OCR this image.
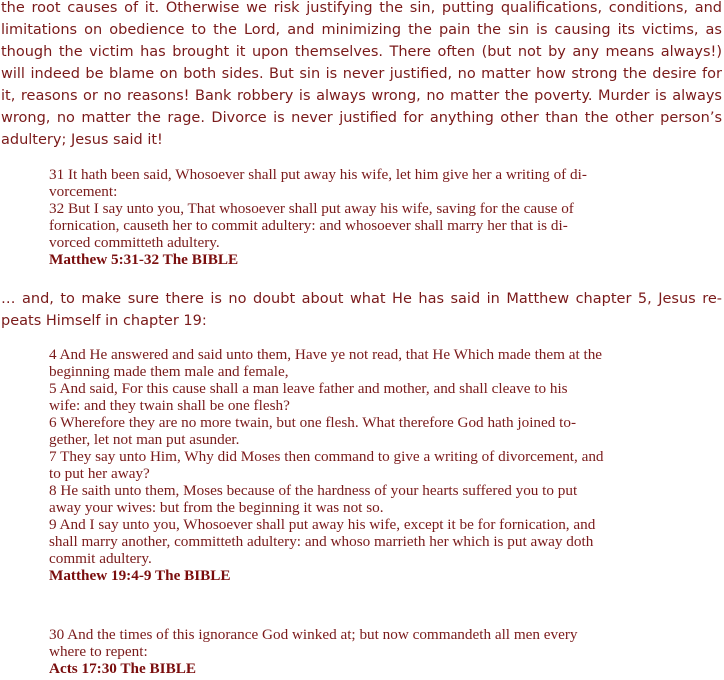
the root causes of it. Otherwise we risk justifying the sin, putting qualifications, conditions, and limitations on obedience to the Lord, and minimizing the pain the sin is causing its victims, as though the victim has brought it upon themselves. There often (but not by any means always!) will indeed be blame on both sides. But sin is never justified, no matter how strong the desire for it, reasons or no reasons! Bank robbery is always wrong, no matter the poverty. Murder is always wrong, no matter the rage. Divorce is never justified for anything other than the other person’s adultery; Jesus said it!

31 It hath been said, Whosoever shall put away his wife, let him give her a writing of di-

vorcement:

32 But I say unto you, That whosoever shall put away his wife, saving for the cause of

fornication, causeth her to commit adultery: and whosoever shall marry her that is di-

vorced committeth adultery.

Matthew 5:31-32 The BIBLE

… and, to make sure there is no doubt about what He has said in Matthew chapter 5, Jesus re-peats Himself in chapter 19:

4 And He answered and said unto them, Have ye not read, that He Which made them at the

beginning made them male and female,

5 And said, For this cause shall a man leave father and mother, and shall cleave to his

wife: and they twain shall be one flesh?

6 Wherefore they are no more twain, but one flesh. What therefore God hath joined to-

gether, let not man put asunder.

7 They say unto Him, Why did Moses then command to give a writing of divorcement, and

to put her away?

8 He saith unto them, Moses because of the hardness of your hearts suffered you to put

away your wives: but from the beginning it was not so.

9 And I say unto you, Whosoever shall put away his wife, except it be for fornication, and

shall marry another, committeth adultery: and whoso marrieth her which is put away doth

commit adultery.

Matthew 19:4-9 The BIBLE

30 And the times of this ignorance God winked at; but now commandeth all men every

where to repent:

Acts 17:30 The BIBLE
